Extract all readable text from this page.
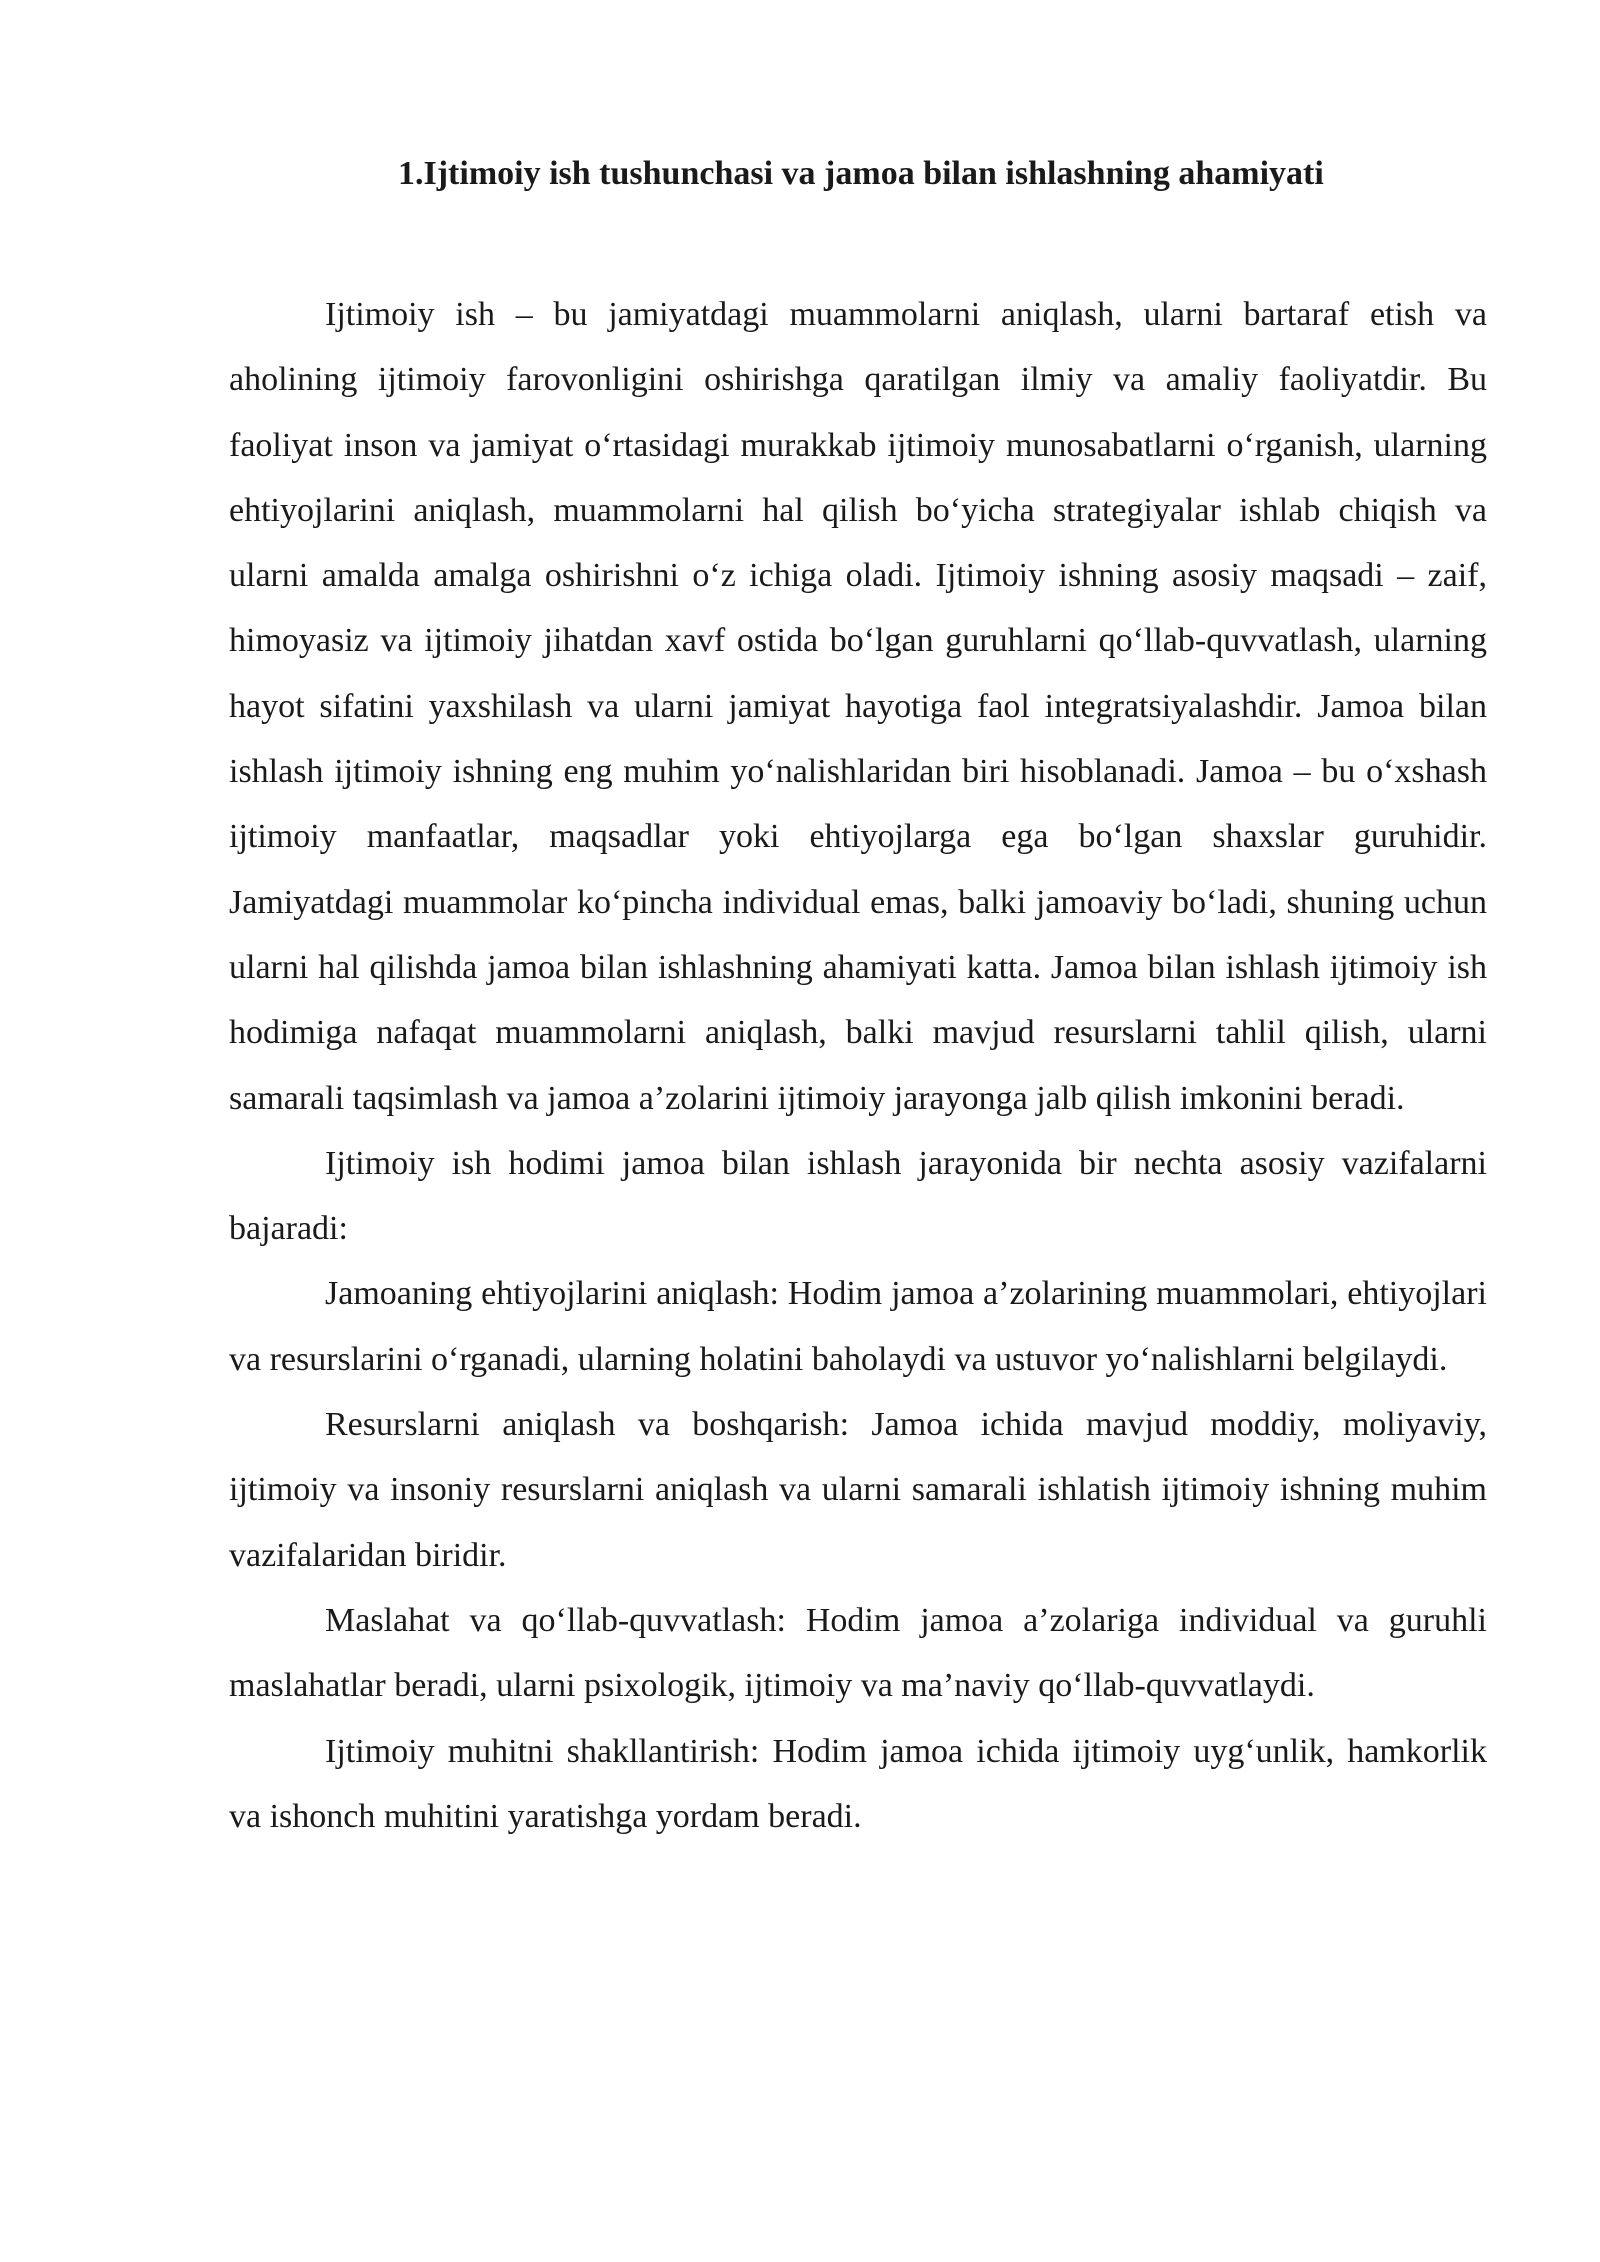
1.Ijtimoiy ish tushunchasi va jamoa bilan ishlashning ahamiyati

Ijtimoiy ish – bu jamiyatdagi muammolarni aniqlash, ularni bartaraf etish va aholining ijtimoiy farovonligini oshirishga qaratilgan ilmiy va amaliy faoliyatdir. Bu faoliyat inson va jamiyat o‘rtasidagi murakkab ijtimoiy munosabatlarni o‘rganish, ularning ehtiyojlarini aniqlash, muammolarni hal qilish bo‘yicha strategiyalar ishlab chiqish va ularni amalda amalga oshirishni o‘z ichiga oladi. Ijtimoiy ishning asosiy maqsadi – zaif, himoyasiz va ijtimoiy jihatdan xavf ostida bo‘lgan guruhlarni qo‘llab-quvvatlash, ularning hayot sifatini yaxshilash va ularni jamiyat hayotiga faol integratsiyalashdir. Jamoa bilan ishlash ijtimoiy ishning eng muhim yo‘nalishlaridan biri hisoblanadi. Jamoa – bu o‘xshash ijtimoiy manfaatlar, maqsadlar yoki ehtiyojlarga ega bo‘lgan shaxslar guruhidir. Jamiyatdagi muammolar ko‘pincha individual emas, balki jamoaviy bo‘ladi, shuning uchun ularni hal qilishda jamoa bilan ishlashning ahamiyati katta. Jamoa bilan ishlash ijtimoiy ish hodimiga nafaqat muammolarni aniqlash, balki mavjud resurslarni tahlil qilish, ularni samarali taqsimlash va jamoa a’zolarini ijtimoiy jarayonga jalb qilish imkonini beradi.

Ijtimoiy ish hodimi jamoa bilan ishlash jarayonida bir nechta asosiy vazifalarni bajaradi:

Jamoaning ehtiyojlarini aniqlash: Hodim jamoa a’zolarining muammolari, ehtiyojlari va resurslarini o‘rganadi, ularning holatini baholaydi va ustuvor yo‘nalishlarni belgilaydi.

Resurslarni aniqlash va boshqarish: Jamoa ichida mavjud moddiy, moliyaviy, ijtimoiy va insoniy resurslarni aniqlash va ularni samarali ishlatish ijtimoiy ishning muhim vazifalaridan biridir.

Maslahat va qo‘llab-quvvatlash: Hodim jamoa a’zolariga individual va guruhli maslahatlar beradi, ularni psixologik, ijtimoiy va ma’naviy qo‘llab-quvvatlaydi.

Ijtimoiy muhitni shakllantirish: Hodim jamoa ichida ijtimoiy uyg‘unlik, hamkorlik va ishonch muhitini yaratishga yordam beradi.
